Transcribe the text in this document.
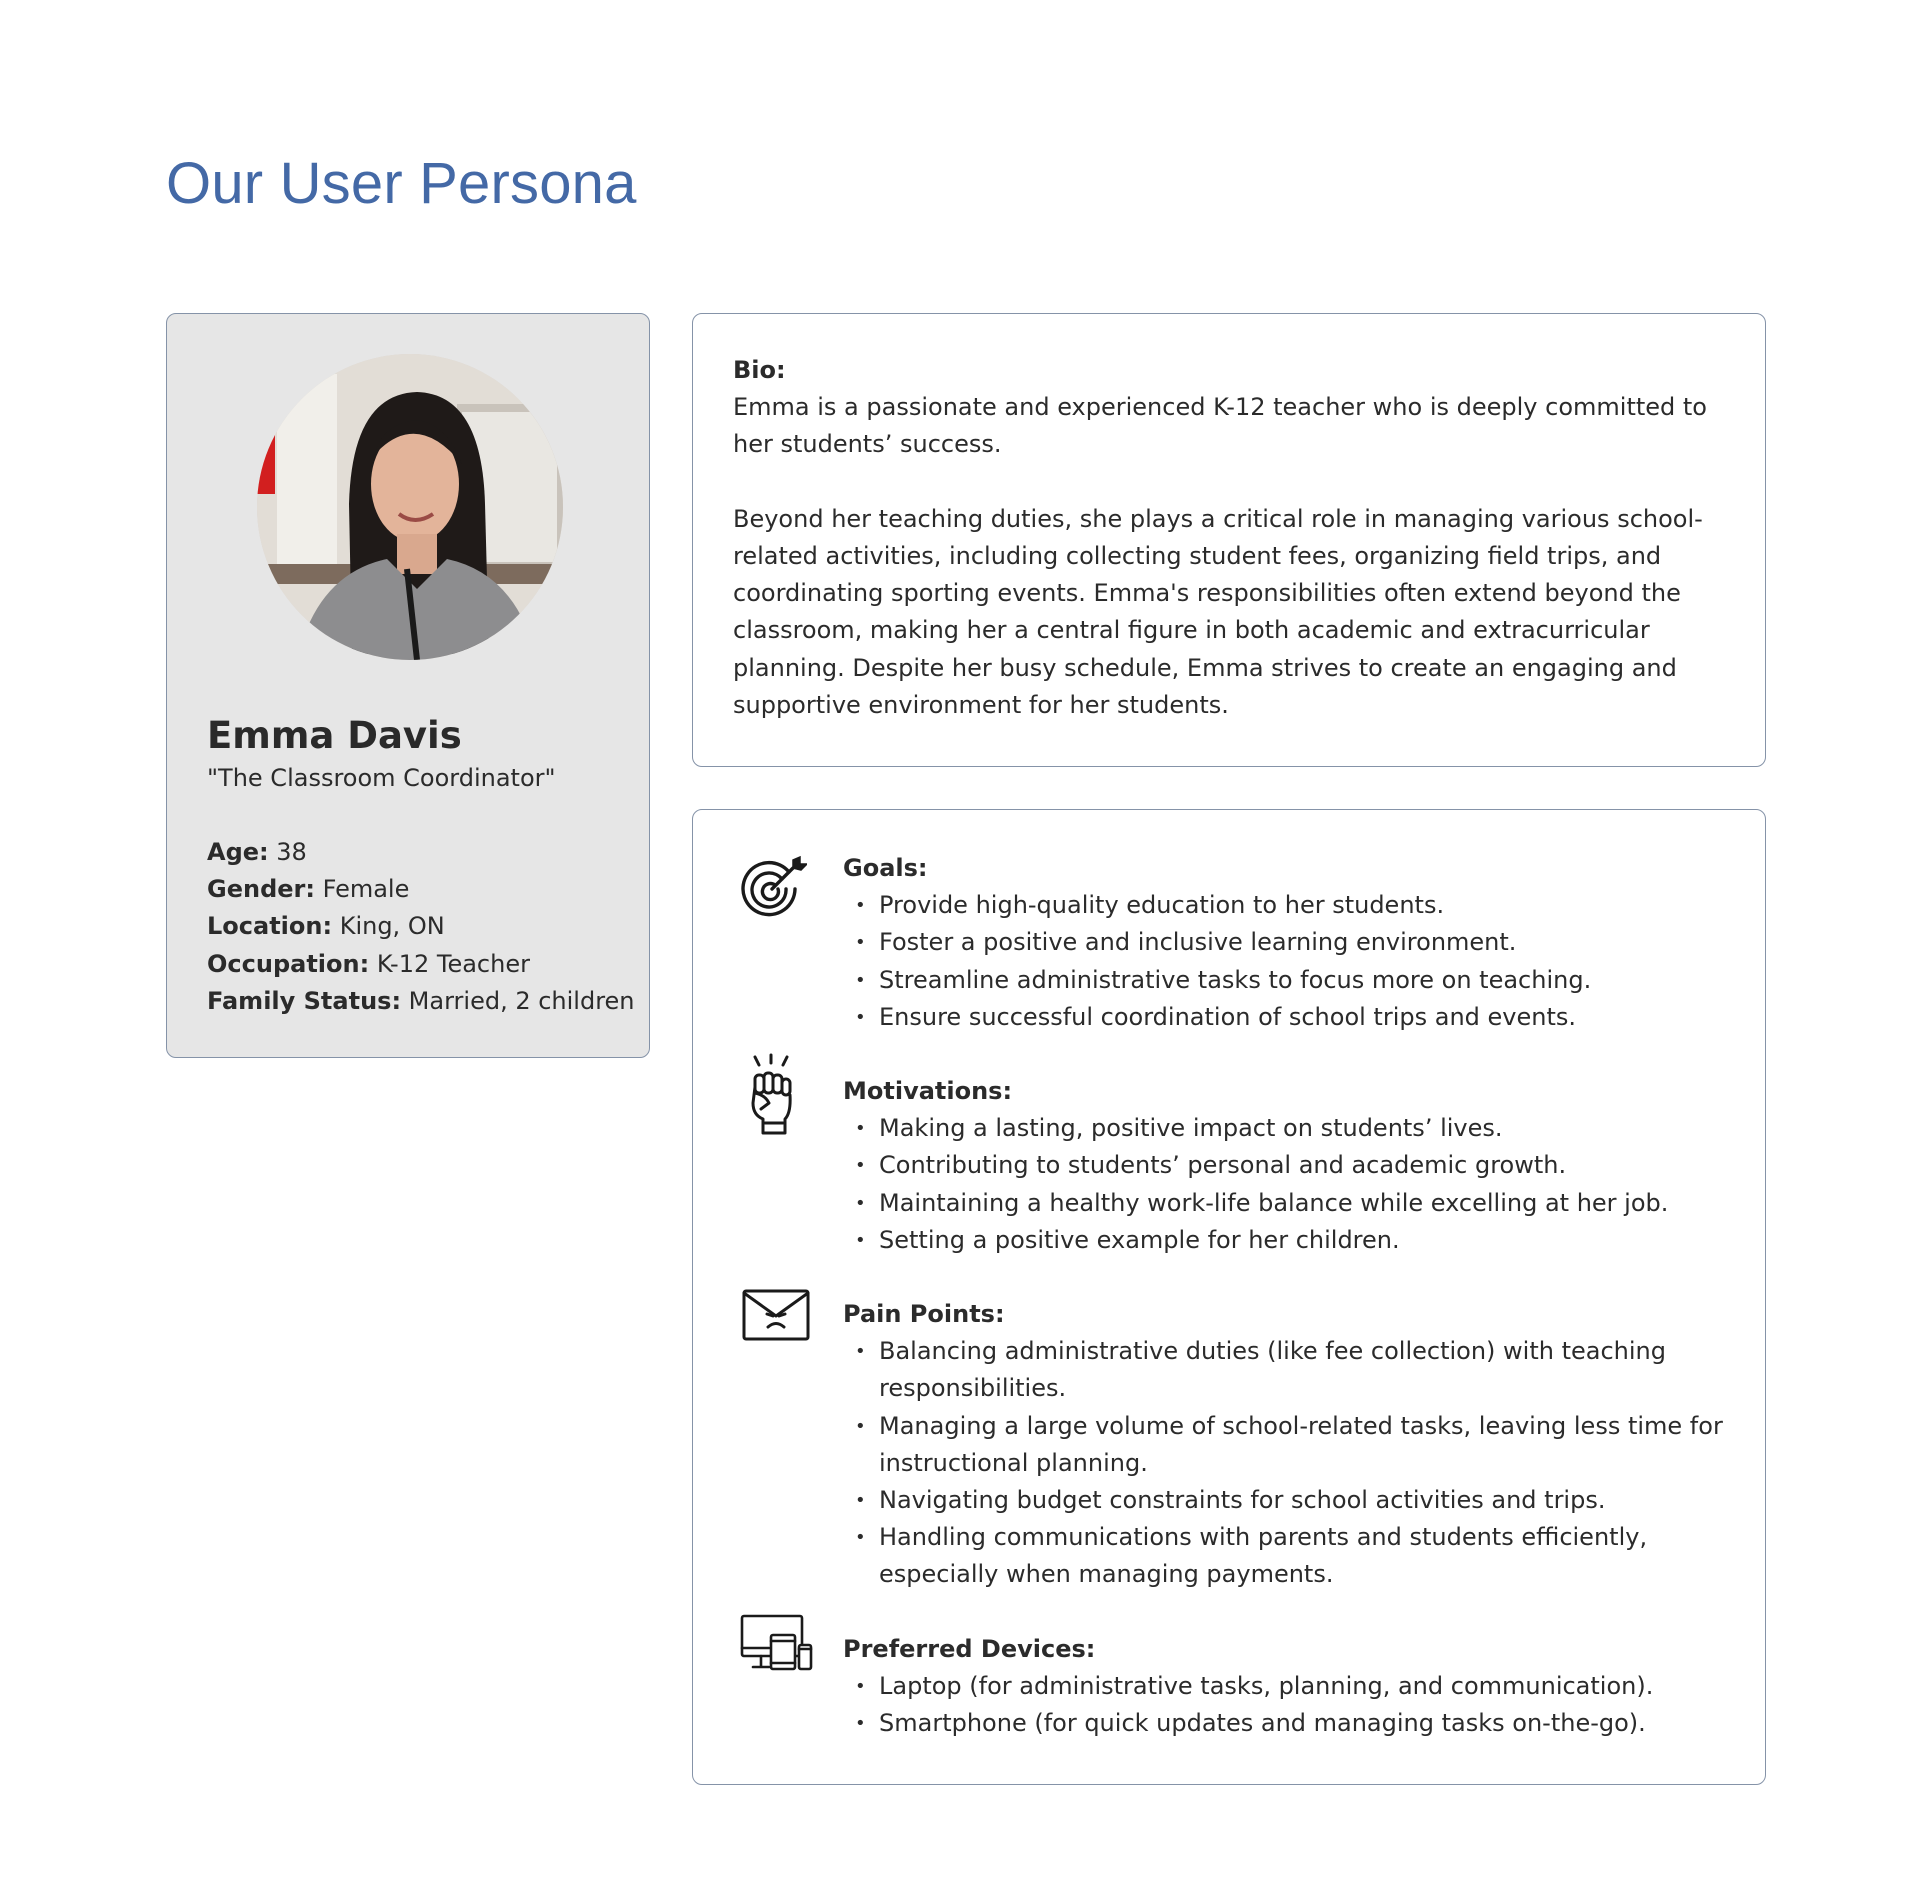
Our User Persona
Emma Davis
"The Classroom Coordinator"
Age: 38
Gender: Female
Location: King, ON
Occupation: K-12 Teacher
Family Status: Married, 2 children
Bio:

Emma is a passionate and experienced K-12 teacher who is deeply committed to her students’ success.

Beyond her teaching duties, she plays a critical role in managing various school-related activities, including collecting student fees, organizing field trips, and coordinating sporting events. Emma's responsibilities often extend beyond the classroom, making her a central figure in both academic and extracurricular planning. Despite her busy schedule, Emma strives to create an engaging and supportive environment for her students.

Goals:
• Provide high-quality education to her students.
• Foster a positive and inclusive learning environment.
• Streamline administrative tasks to focus more on teaching.
• Ensure successful coordination of school trips and events.
Motivations:
• Making a lasting, positive impact on students’ lives.
• Contributing to students’ personal and academic growth.
• Maintaining a healthy work-life balance while excelling at her job.
• Setting a positive example for her children.
Pain Points:
• Balancing administrative duties (like fee collection) with teaching responsibilities.
• Managing a large volume of school-related tasks, leaving less time for instructional planning.
• Navigating budget constraints for school activities and trips.
• Handling communications with parents and students efficiently, especially when managing payments.
Preferred Devices:
• Laptop (for administrative tasks, planning, and communication).
• Smartphone (for quick updates and managing tasks on-the-go).
